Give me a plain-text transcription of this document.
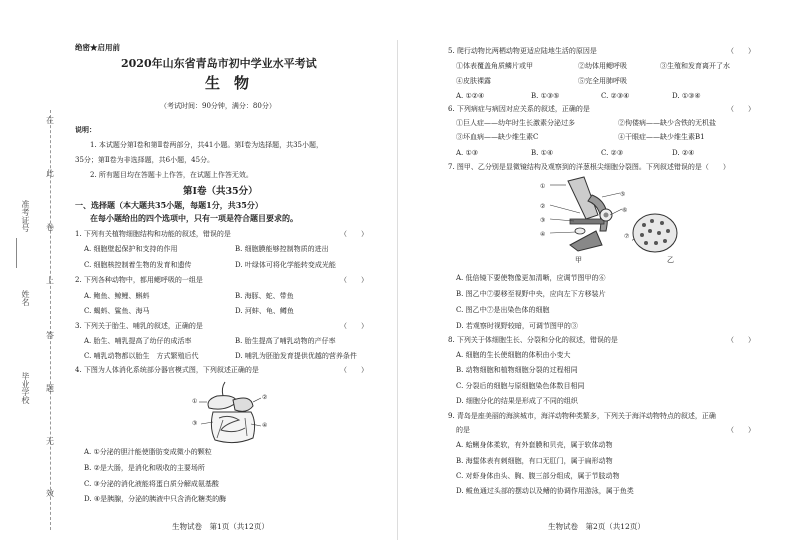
准考证号
姓名
毕业学校
在
此
卷
上
答
题
无
效
绝密★启用前
2020年山东省青岛市初中学业水平考试
生物
（考试时间：90分钟，满分：80分）
说明：
1. 本试题分第Ⅰ卷和第Ⅱ卷两部分，共41小题。第Ⅰ卷为选择题，共35小题，
35分；第Ⅱ卷为非选择题，共6小题，45分。
2. 所有题目均在答题卡上作答，在试题上作答无效。
第Ⅰ卷（共35分）
一、选择题（本大题共35小题，每题1分，共35分）
在每小题给出的四个选项中，只有一项是符合题目要求的。
1. 下列有关植物细胞结构和功能的叙述，错误的是	（　　）
A. 细胞壁起保护和支持的作用	B. 细胞膜能够控制物质的进出
C. 细胞核控制着生物的发育和遗传	D. 叶绿体可将化学能转变成光能
2. 下列各种动物中，都用鳃呼吸的一组是	（　　）
A. 鲍鱼、鲸鲤、蝌蚪	B. 海豚、蛇、带鱼
C. 蝎蚪、鲨鱼、海马	D. 河蚌、龟、鳟鱼
3. 下列关于胎生、哺乳的叙述，正确的是	（　　）
A. 胎生、哺乳提高了幼仔的成活率	B. 胎生提高了哺乳动物的产仔率
C. 哺乳动物都以胎生　方式繁殖后代	D. 哺乳为胚胎发育提供优越的营养条件
4. 下图为人体消化系统部分器官模式图，下列叙述正确的是	（　　）
①
②
③	④
A. ①分泌的胆汁能使脂肪变成微小的颗粒
B. ②是大肠，是消化和吸收的主要场所
C. ③分泌的消化液能将蛋白质分解成氨基酸
D. ④是胰腺，分泌的胰液中只含消化糖类的酶
生物试卷　第1页（共12页）
5. 爬行动物比两栖动物更适应陆地生活的原因是	（　　）
①体表覆盖角质鳞片或甲	②幼体用鳃呼吸	③生殖和发育离开了水
④皮肤裸露	⑤完全用肺呼吸
A. ①②④	B. ①③⑤	C. ②③④	D. ①③④
6. 下列病症与病因对应关系的叙述，正确的是	（　　）
①巨人症——幼年时生长激素分泌过多	②佝偻病——缺少含铁的无机盐
③坏血病——缺少维生素C	④干眼症——缺少维生素B1
A. ①③	B. ①④	C. ②③	D. ②④
7. 图甲、乙分别是显微镜结构及观察到的洋葱根尖细胞分裂图。下列叙述错误的是（　　）
①
②
③
④
⑤
⑥
甲
⑦
乙
A. 低倍镜下要使物像更加清晰，应调节图甲的⑥
B. 图乙中⑦要移至视野中央，应向左下方移装片
C. 图乙中⑦是出染色体的细胞
D. 若观察时视野较暗，可调节图甲的③
8. 下列关于体细胞生长、分裂和分化的叙述，错误的是	（　　）
A. 细胞的生长使细胞的体积由小变大
B. 动物细胞和植物细胞分裂的过程相同
C. 分裂后的细胞与原细胞染色体数目相同
D. 细胞分化的结果是形成了不同的组织
9. 青岛是座美丽的海滨城市，海洋动物种类繁多，下列关于海洋动物特点的叙述，正确
的是	（　　）
A. 蛤蜊身体柔软，有外套膜和贝壳，属于软体动物
B. 海蜇体表有刺细胞，有口无肛门，属于扁形动物
C. 对虾身体由头、胸、腹三部分组成，属于节肢动物
D. 鲅鱼通过头部的摆动以及鳍的协调作用游泳，属于鱼类
生物试卷　第2页（共12页）
